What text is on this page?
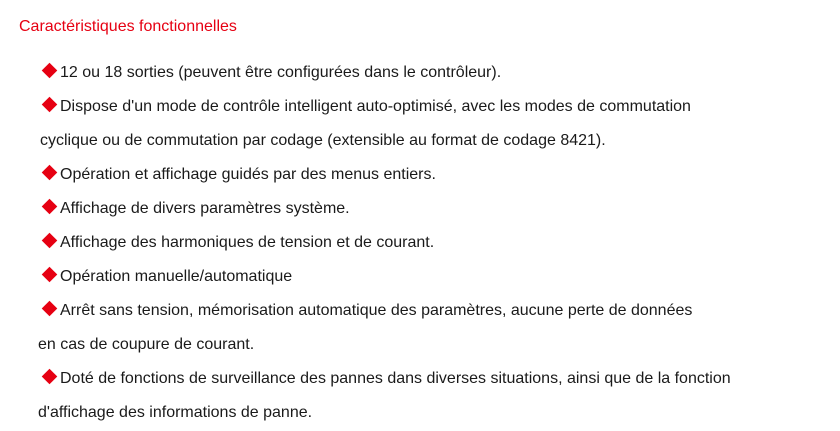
Caractéristiques fonctionnelles
12 ou 18 sorties (peuvent être configurées dans le contrôleur).
Dispose d'un mode de contrôle intelligent auto-optimisé, avec les modes de commutation
cyclique ou de commutation par codage (extensible au format de codage 8421).
Opération et affichage guidés par des menus entiers.
Affichage de divers paramètres système.
Affichage des harmoniques de tension et de courant.
Opération manuelle/automatique
Arrêt sans tension, mémorisation automatique des paramètres, aucune perte de données
en cas de coupure de courant.
Doté de fonctions de surveillance des pannes dans diverses situations, ainsi que de la fonction
d'affichage des informations de panne.
